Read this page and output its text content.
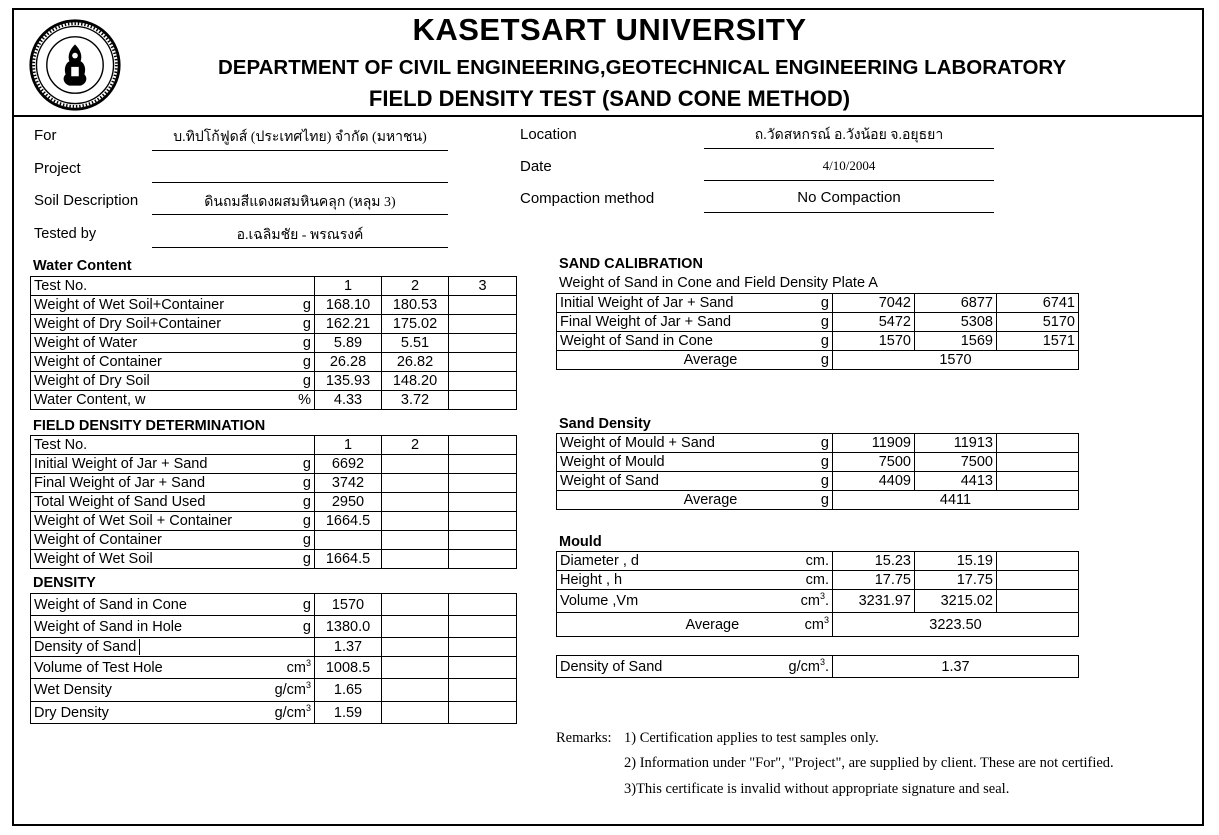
KASETSART UNIVERSITY
DEPARTMENT OF CIVIL ENGINEERING,GEOTECHNICAL ENGINEERING LABORATORY
FIELD DENSITY TEST (SAND CONE METHOD)
For	บ.ทิปโก้ฟูดส์ (ประเทศไทย) จำกัด (มหาชน)
Project
Soil Description	ดินถมสีแดงผสมหินคลุก (หลุม 3)
Tested by	อ.เฉลิมชัย - พรณรงค์
Location	ถ.วัดสหกรณ์ อ.วังน้อย จ.อยุธยา
Date	4/10/2004
Compaction method	No Compaction
Water Content
Test No.	1	2	3
Weight of Wet Soil+Container g	168.10	180.53	
Weight of Dry Soil+Container g	162.21	175.02	
Weight of Water g	5.89	5.51	
Weight of Container g	26.28	26.82	
Weight of Dry Soil g	135.93	148.20	
Water Content, w %	4.33	3.72	
FIELD DENSITY DETERMINATION
Test No.	1	2	
Initial Weight of Jar + Sand g	6692		
Final Weight of Jar + Sand g	3742		
Total Weight of Sand Used g	2950		
Weight of Wet Soil + Container g	1664.5		
Weight of Container g			

Weight of Wet Soil g	1664.5		
DENSITY
Weight of Sand in Cone g	1570		
Weight of Sand in Hole g	1380.0		
Density of Sand	1.37		
Volume of Test Hole $cm^3$	1008.5		
Wet Density $g/cm^3$	1.65		
Dry Density $g/cm^3$	1.59		
SAND CALIBRATION
Weight of Sand in Cone and Field Density Plate A
Initial Weight of Jar + Sand g	7042	6877	6741
Final Weight of Jar + Sand g	5472	5308	5170
Weight of Sand in Cone g	1570	1569	1571
Average g	1570		
Sand Density
Weight of Mould + Sand g	11909	11913	
Weight of Mould g	7500	7500	
Weight of Sand g	4409	4413	
Average g	4411		
Mould
Diameter , d cm.	15.23	15.19	
Height , h cm.	17.75	17.75	
Volume ,Vm $cm^3$.	3231.97	3215.02	
Average $cm^3$	3223.50		
Density of Sand	$g/cm^3$.	1.37
Remarks: 1) Certification applies to test samples only.
2) Information under "For", "Project", are supplied by client. These are not certified.
3)This certificate is invalid without appropriate signature and seal.
